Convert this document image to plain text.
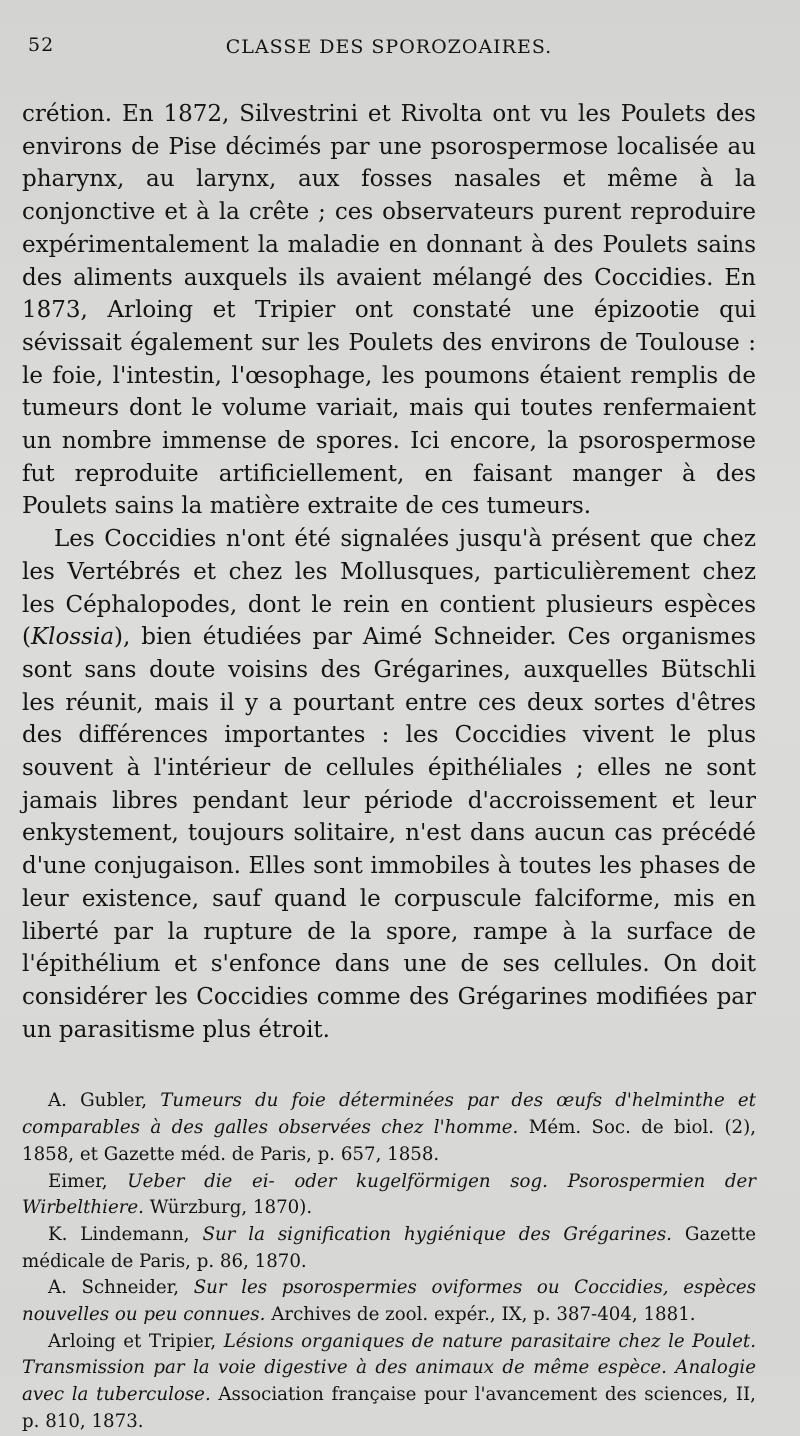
52	CLASSE DES SPOROZOAIRES.

crétion. En 1872, Silvestrini et Rivolta ont vu les Poulets des environs de Pise décimés par une psorospermose localisée au pharynx, au larynx, aux fosses nasales et même à la conjonctive et à la crête ; ces observateurs purent reproduire expérimentalement la maladie en donnant à des Poulets sains des aliments auxquels ils avaient mélangé des Coccidies. En 1873, Arloing et Tripier ont constaté une épizootie qui sévissait également sur les Poulets des environs de Toulouse : le foie, l'intestin, l'œsophage, les poumons étaient remplis de tumeurs dont le volume variait, mais qui toutes renfermaient un nombre immense de spores. Ici encore, la psorospermose fut reproduite artificiellement, en faisant manger à des Poulets sains la matière extraite de ces tumeurs.

Les Coccidies n'ont été signalées jusqu'à présent que chez les Vertébrés et chez les Mollusques, particulièrement chez les Céphalopodes, dont le rein en contient plusieurs espèces (Klossia), bien étudiées par Aimé Schneider. Ces organismes sont sans doute voisins des Grégarines, auxquelles Bütschli les réunit, mais il y a pourtant entre ces deux sortes d'êtres des différences importantes : les Coccidies vivent le plus souvent à l'intérieur de cellules épithéliales ; elles ne sont jamais libres pendant leur période d'accroissement et leur enkystement, toujours solitaire, n'est dans aucun cas précédé d'une conjugaison. Elles sont immobiles à toutes les phases de leur existence, sauf quand le corpuscule falciforme, mis en liberté par la rupture de la spore, rampe à la surface de l'épithélium et s'enfonce dans une de ses cellules. On doit considérer les Coccidies comme des Grégarines modifiées par un parasitisme plus étroit.

A. Gubler, Tumeurs du foie déterminées par des œufs d'helminthe et comparables à des galles observées chez l'homme. Mém. Soc. de biol. (2), 1858, et Gazette méd. de Paris, p. 657, 1858.

Eimer, Ueber die ei- oder kugelförmigen sog. Psorospermien der Wirbelthiere. Würzburg, 1870).

K. Lindemann, Sur la signification hygiénique des Grégarines. Gazette médicale de Paris, p. 86, 1870.

A. Schneider, Sur les psorospermies oviformes ou Coccidies, espèces nouvelles ou peu connues. Archives de zool. expér., IX, p. 387-404, 1881.

Arloing et Tripier, Lésions organiques de nature parasitaire chez le Poulet. Transmission par la voie digestive à des animaux de même espèce. Analogie avec la tuberculose. Association française pour l'avancement des sciences, II, p. 810, 1873.
